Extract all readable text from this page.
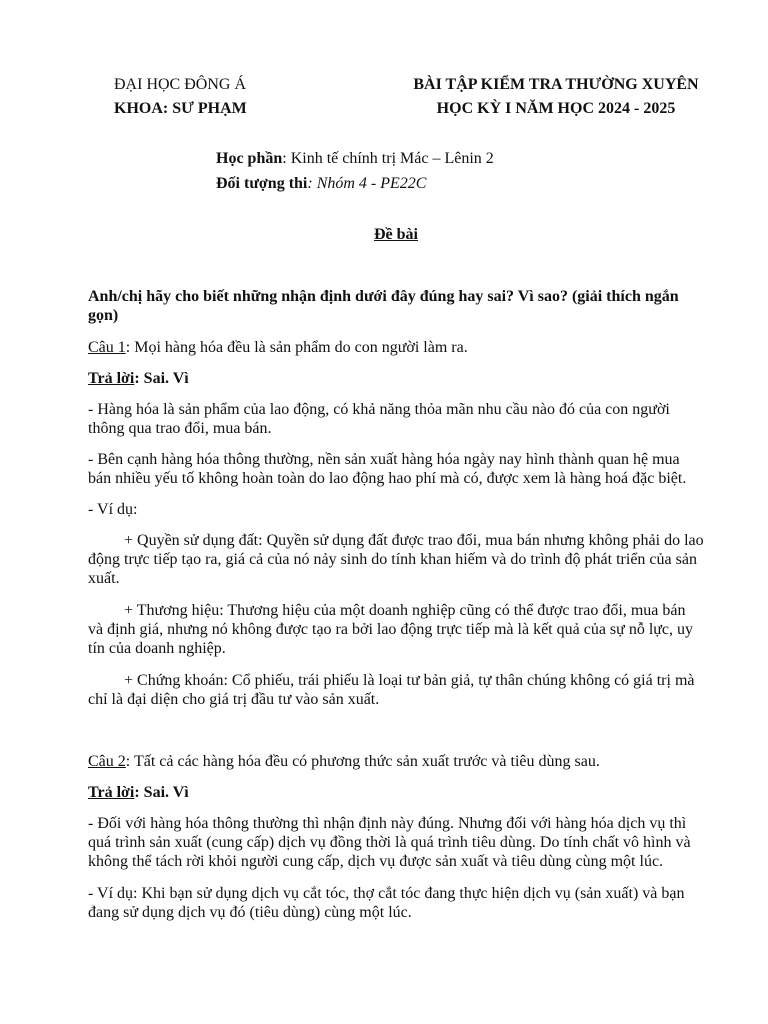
ĐẠI HỌC ĐÔNG Á
KHOA: SƯ PHẠM
BÀI TẬP KIỂM TRA THƯỜNG XUYÊN
HỌC KỲ I NĂM HỌC 2024 - 2025
Học phần: Kinh tế chính trị Mác – Lênin 2
Đối tượng thi: Nhóm 4 - PE22C
Đề bài
Anh/chị hãy cho biết những nhận định dưới đây đúng hay sai? Vì sao? (giải thích ngắn gọn)
Câu 1: Mọi hàng hóa đều là sản phẩm do con người làm ra.
Trả lời: Sai. Vì
- Hàng hóa là sản phẩm của lao động, có khả năng thỏa mãn nhu cầu nào đó của con người thông qua trao đổi, mua bán.
- Bên cạnh hàng hóa thông thường, nền sản xuất hàng hóa ngày nay hình thành quan hệ mua bán nhiều yếu tố không hoàn toàn do lao động hao phí mà có, được xem là hàng hoá đặc biệt.
- Ví dụ:
+ Quyền sử dụng đất: Quyền sử dụng đất được trao đổi, mua bán nhưng không phải do lao động trực tiếp tạo ra, giá cả của nó nảy sinh do tính khan hiếm và do trình độ phát triển của sản xuất.
+ Thương hiệu: Thương hiệu của một doanh nghiệp cũng có thể được trao đổi, mua bán và định giá, nhưng nó không được tạo ra bởi lao động trực tiếp mà là kết quả của sự nỗ lực, uy tín của doanh nghiệp.
+ Chứng khoán: Cổ phiếu, trái phiếu là loại tư bản giả, tự thân chúng không có giá trị mà chỉ là đại diện cho giá trị đầu tư vào sản xuất.
Câu 2: Tất cả các hàng hóa đều có phương thức sản xuất trước và tiêu dùng sau.
Trả lời: Sai. Vì
- Đối với hàng hóa thông thường thì nhận định này đúng. Nhưng đối với hàng hóa dịch vụ thì quá trình sản xuất (cung cấp) dịch vụ đồng thời là quá trình tiêu dùng. Do tính chất vô hình và không thể tách rời khỏi người cung cấp, dịch vụ được sản xuất và tiêu dùng cùng một lúc.
- Ví dụ: Khi bạn sử dụng dịch vụ cắt tóc, thợ cắt tóc đang thực hiện dịch vụ (sản xuất) và bạn đang sử dụng dịch vụ đó (tiêu dùng) cùng một lúc.
